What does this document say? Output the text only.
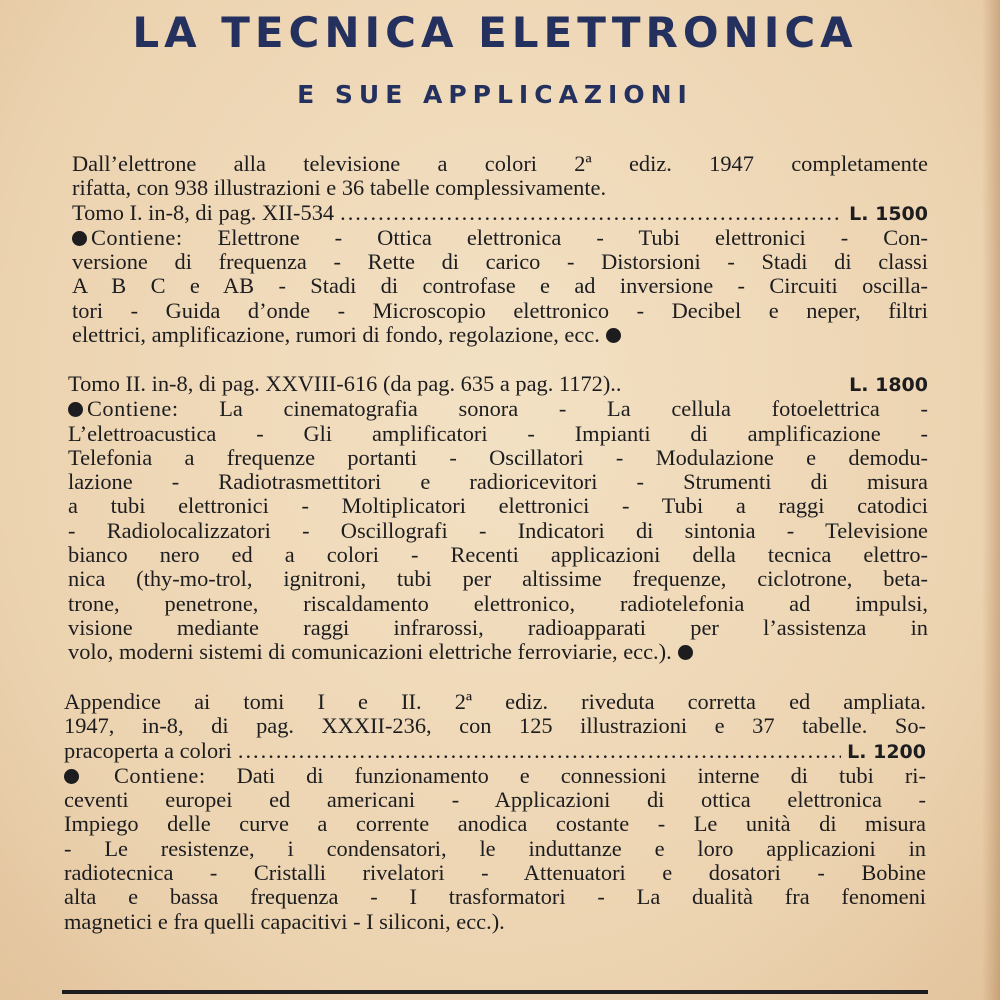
LA TECNICA ELETTRONICA
E SUE APPLICAZIONI
Dall’elettrone alla televisione a colori 2ª ediz. 1947 completamente
rifatta, con 938 illustrazioni e 36 tabelle complessivamente.
Tomo I. in-8, di pag. XII-534 .....	L. 1500
Contiene: Elettrone - Ottica elettronica - Tubi elettronici - Con-
versione di frequenza - Rette di carico - Distorsioni - Stadi di classi
A B C e AB - Stadi di controfase e ad inversione - Circuiti oscilla-
tori - Guida d’onde - Microscopio elettronico - Decibel e neper, filtri
elettrici, amplificazione, rumori di fondo, regolazione, ecc.
Tomo II. in-8, di pag. XXVIII-616 (da pag. 635 a pag. 1172)..	L. 1800
Contiene: La cinematografia sonora - La cellula fotoelettrica -
L’elettroacustica - Gli amplificatori - Impianti di amplificazione -
Telefonia a frequenze portanti - Oscillatori - Modulazione e demodu-
lazione - Radiotrasmettitori e radioricevitori - Strumenti di misura
a tubi elettronici - Moltiplicatori elettronici - Tubi a raggi catodici
- Radiolocalizzatori - Oscillografi - Indicatori di sintonia - Televisione
bianco nero ed a colori - Recenti applicazioni della tecnica elettro-
nica (thy-mo-trol, ignitroni, tubi per altissime frequenze, ciclotrone, beta-
trone, penetrone, riscaldamento elettronico, radiotelefonia ad impulsi,
visione mediante raggi infrarossi, radioapparati per l’assistenza in
volo, moderni sistemi di comunicazioni elettriche ferroviarie, ecc.).
Appendice ai tomi I e II. 2ª ediz. riveduta corretta ed ampliata.
1947, in-8, di pag. XXXII-236, con 125 illustrazioni e 37 tabelle. So-
pracoperta a colori .....	L. 1200
Contiene: Dati di funzionamento e connessioni interne di tubi ri-
ceventi europei ed americani - Applicazioni di ottica elettronica -
Impiego delle curve a corrente anodica costante - Le unità di misura
- Le resistenze, i condensatori, le induttanze e loro applicazioni in
radiotecnica - Cristalli rivelatori - Attenuatori e dosatori - Bobine
alta e bassa frequenza - I trasformatori - La dualità fra fenomeni
magnetici e fra quelli capacitivi - I siliconi, ecc.).
